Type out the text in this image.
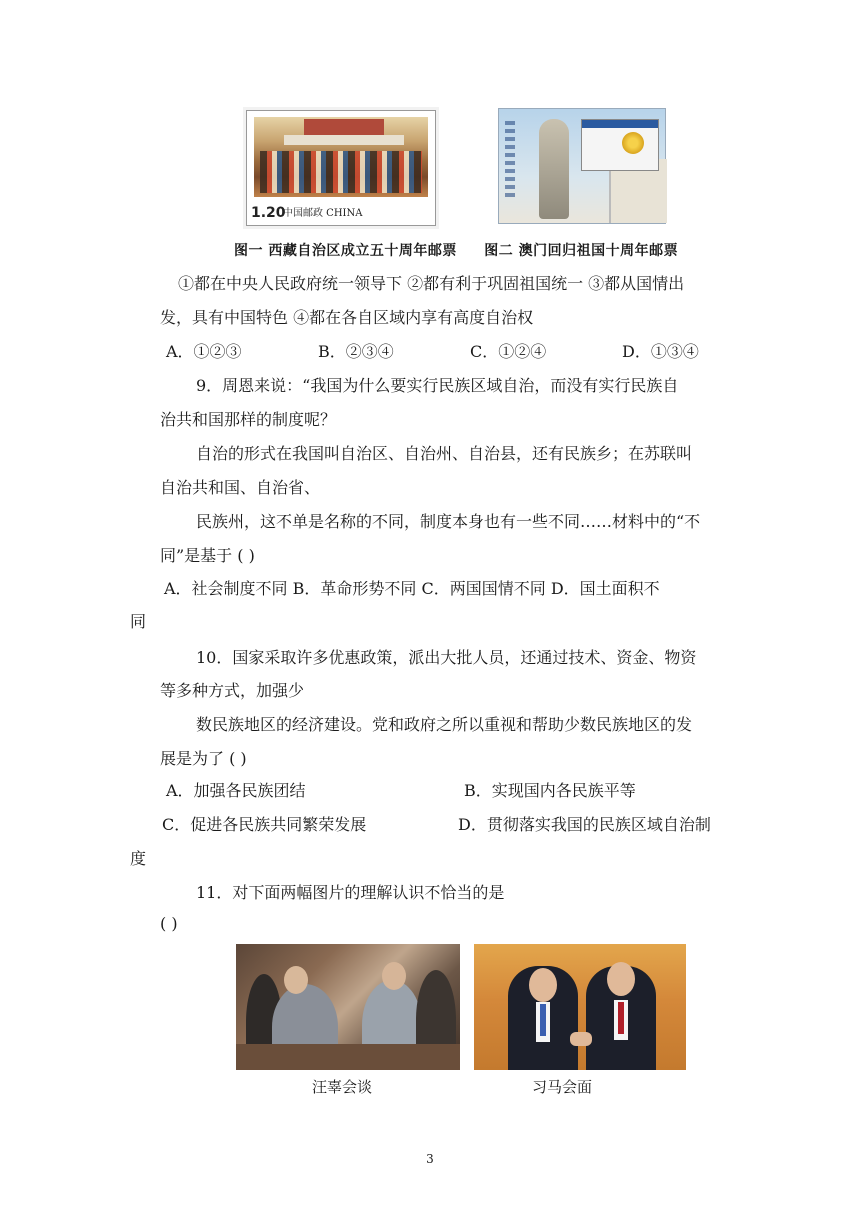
1.20
中国邮政 CHINA
图一 西藏自治区成立五十周年邮票 图二 澳门回归祖国十周年邮票
①都在中央人民政府统一领导下 ②都有利于巩固祖国统一 ③都从国情出
发，具有中国特色 ④都在各自区域内享有高度自治权
A．①②③	B．②③④	C．①②④	D．①③④
9．周恩来说：“我国为什么要实行民族区域自治，而没有实行民族自
治共和国那样的制度呢？
自治的形式在我国叫自治区、自治州、自治县，还有民族乡；在苏联叫
自治共和国、自治省、
民族州，这不单是名称的不同，制度本身也有一些不同……材料中的“不
同”是基于 ( )
A．社会制度不同 B．革命形势不同 C．两国国情不同 D．国土面积不
同
10．国家采取许多优惠政策，派出大批人员，还通过技术、资金、物资
等多种方式，加强少
数民族地区的经济建设。党和政府之所以重视和帮助少数民族地区的发
展是为了 ( )
A．加强各民族团结	B．实现国内各民族平等
C．促进各民族共同繁荣发展	D．贯彻落实我国的民族区域自治制
度
11．对下面两幅图片的理解认识不恰当的是
( )
汪辜会谈	习马会面
3
